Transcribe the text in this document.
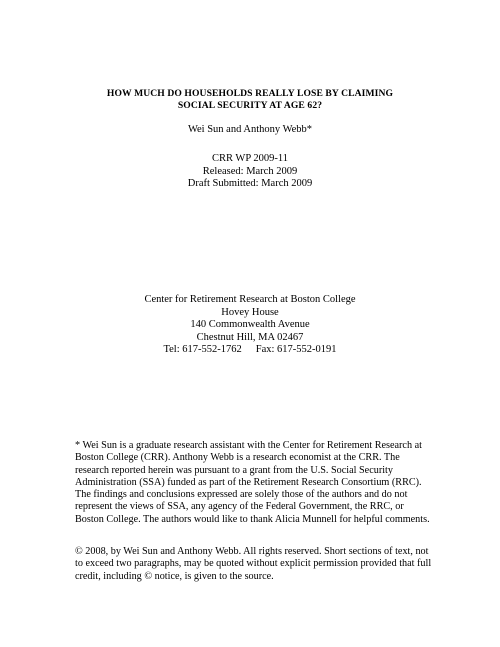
HOW MUCH DO HOUSEHOLDS REALLY LOSE BY CLAIMING
SOCIAL SECURITY AT AGE 62?
Wei Sun and Anthony Webb*
CRR WP 2009-11
Released: March 2009
Draft Submitted: March 2009
Center for Retirement Research at Boston College
Hovey House
140 Commonwealth Avenue
Chestnut Hill, MA 02467
Tel: 617-552-1762 Fax: 617-552-0191

* Wei Sun is a graduate research assistant with the Center for Retirement Research at Boston College (CRR). Anthony Webb is a research economist at the CRR. The research reported herein was pursuant to a grant from the U.S. Social Security Administration (SSA) funded as part of the Retirement Research Consortium (RRC). The findings and conclusions expressed are solely those of the authors and do not represent the views of SSA, any agency of the Federal Government, the RRC, or Boston College. The authors would like to thank Alicia Munnell for helpful comments.

© 2008, by Wei Sun and Anthony Webb. All rights reserved. Short sections of text, not to exceed two paragraphs, may be quoted without explicit permission provided that full credit, including © notice, is given to the source.
